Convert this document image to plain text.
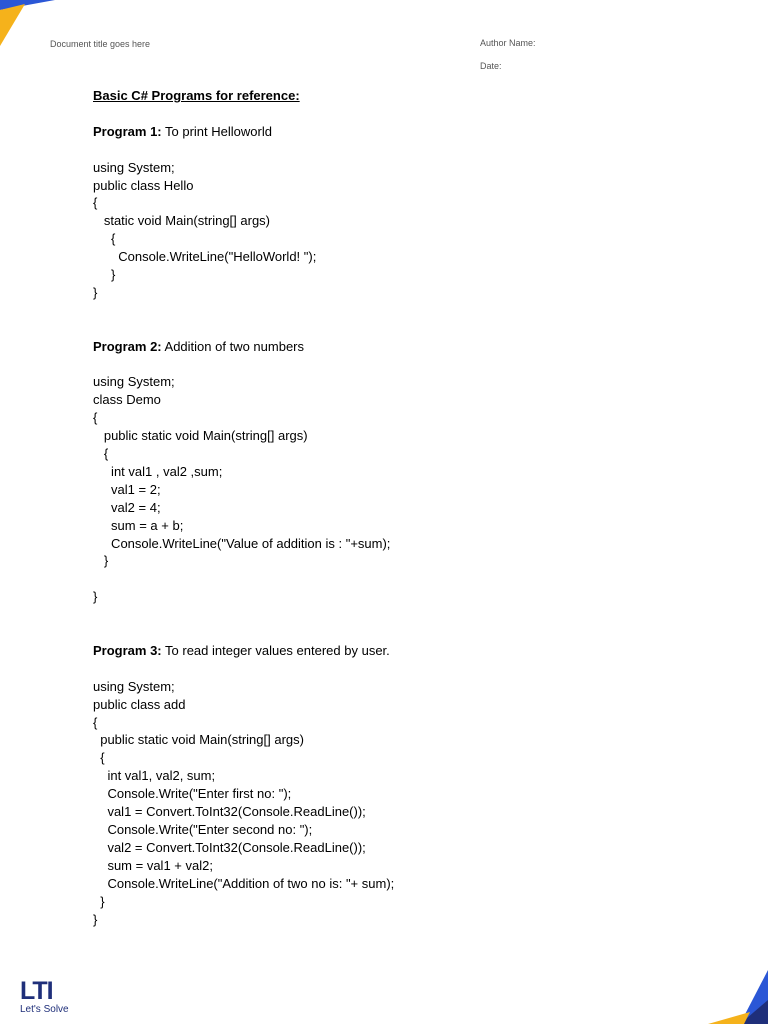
Document title goes here	Author Name:
Date:
Basic C# Programs for reference:
Program 1: To print Helloworld
using System;
public class Hello
{
static void Main(string[] args)
{
Console.WriteLine("HelloWorld! ");
}
}
Program 2: Addition of two numbers
using System;
class Demo
{
public static void Main(string[] args)
{
int val1 , val2 ,sum;
val1 = 2;
val2 = 4;
sum = a + b;
Console.WriteLine("Value of addition is : "+sum);
}
}
Program 3: To read integer values entered by user.
using System;
public class add
{
public static void Main(string[] args)
{
int val1, val2, sum;
Console.Write("Enter first no: ");
val1 = Convert.ToInt32(Console.ReadLine());
Console.Write("Enter second no: ");
val2 = Convert.ToInt32(Console.ReadLine());
sum = val1 + val2;
Console.WriteLine("Addition of two no is: "+ sum);
}
}
LTI
Let's Solve
